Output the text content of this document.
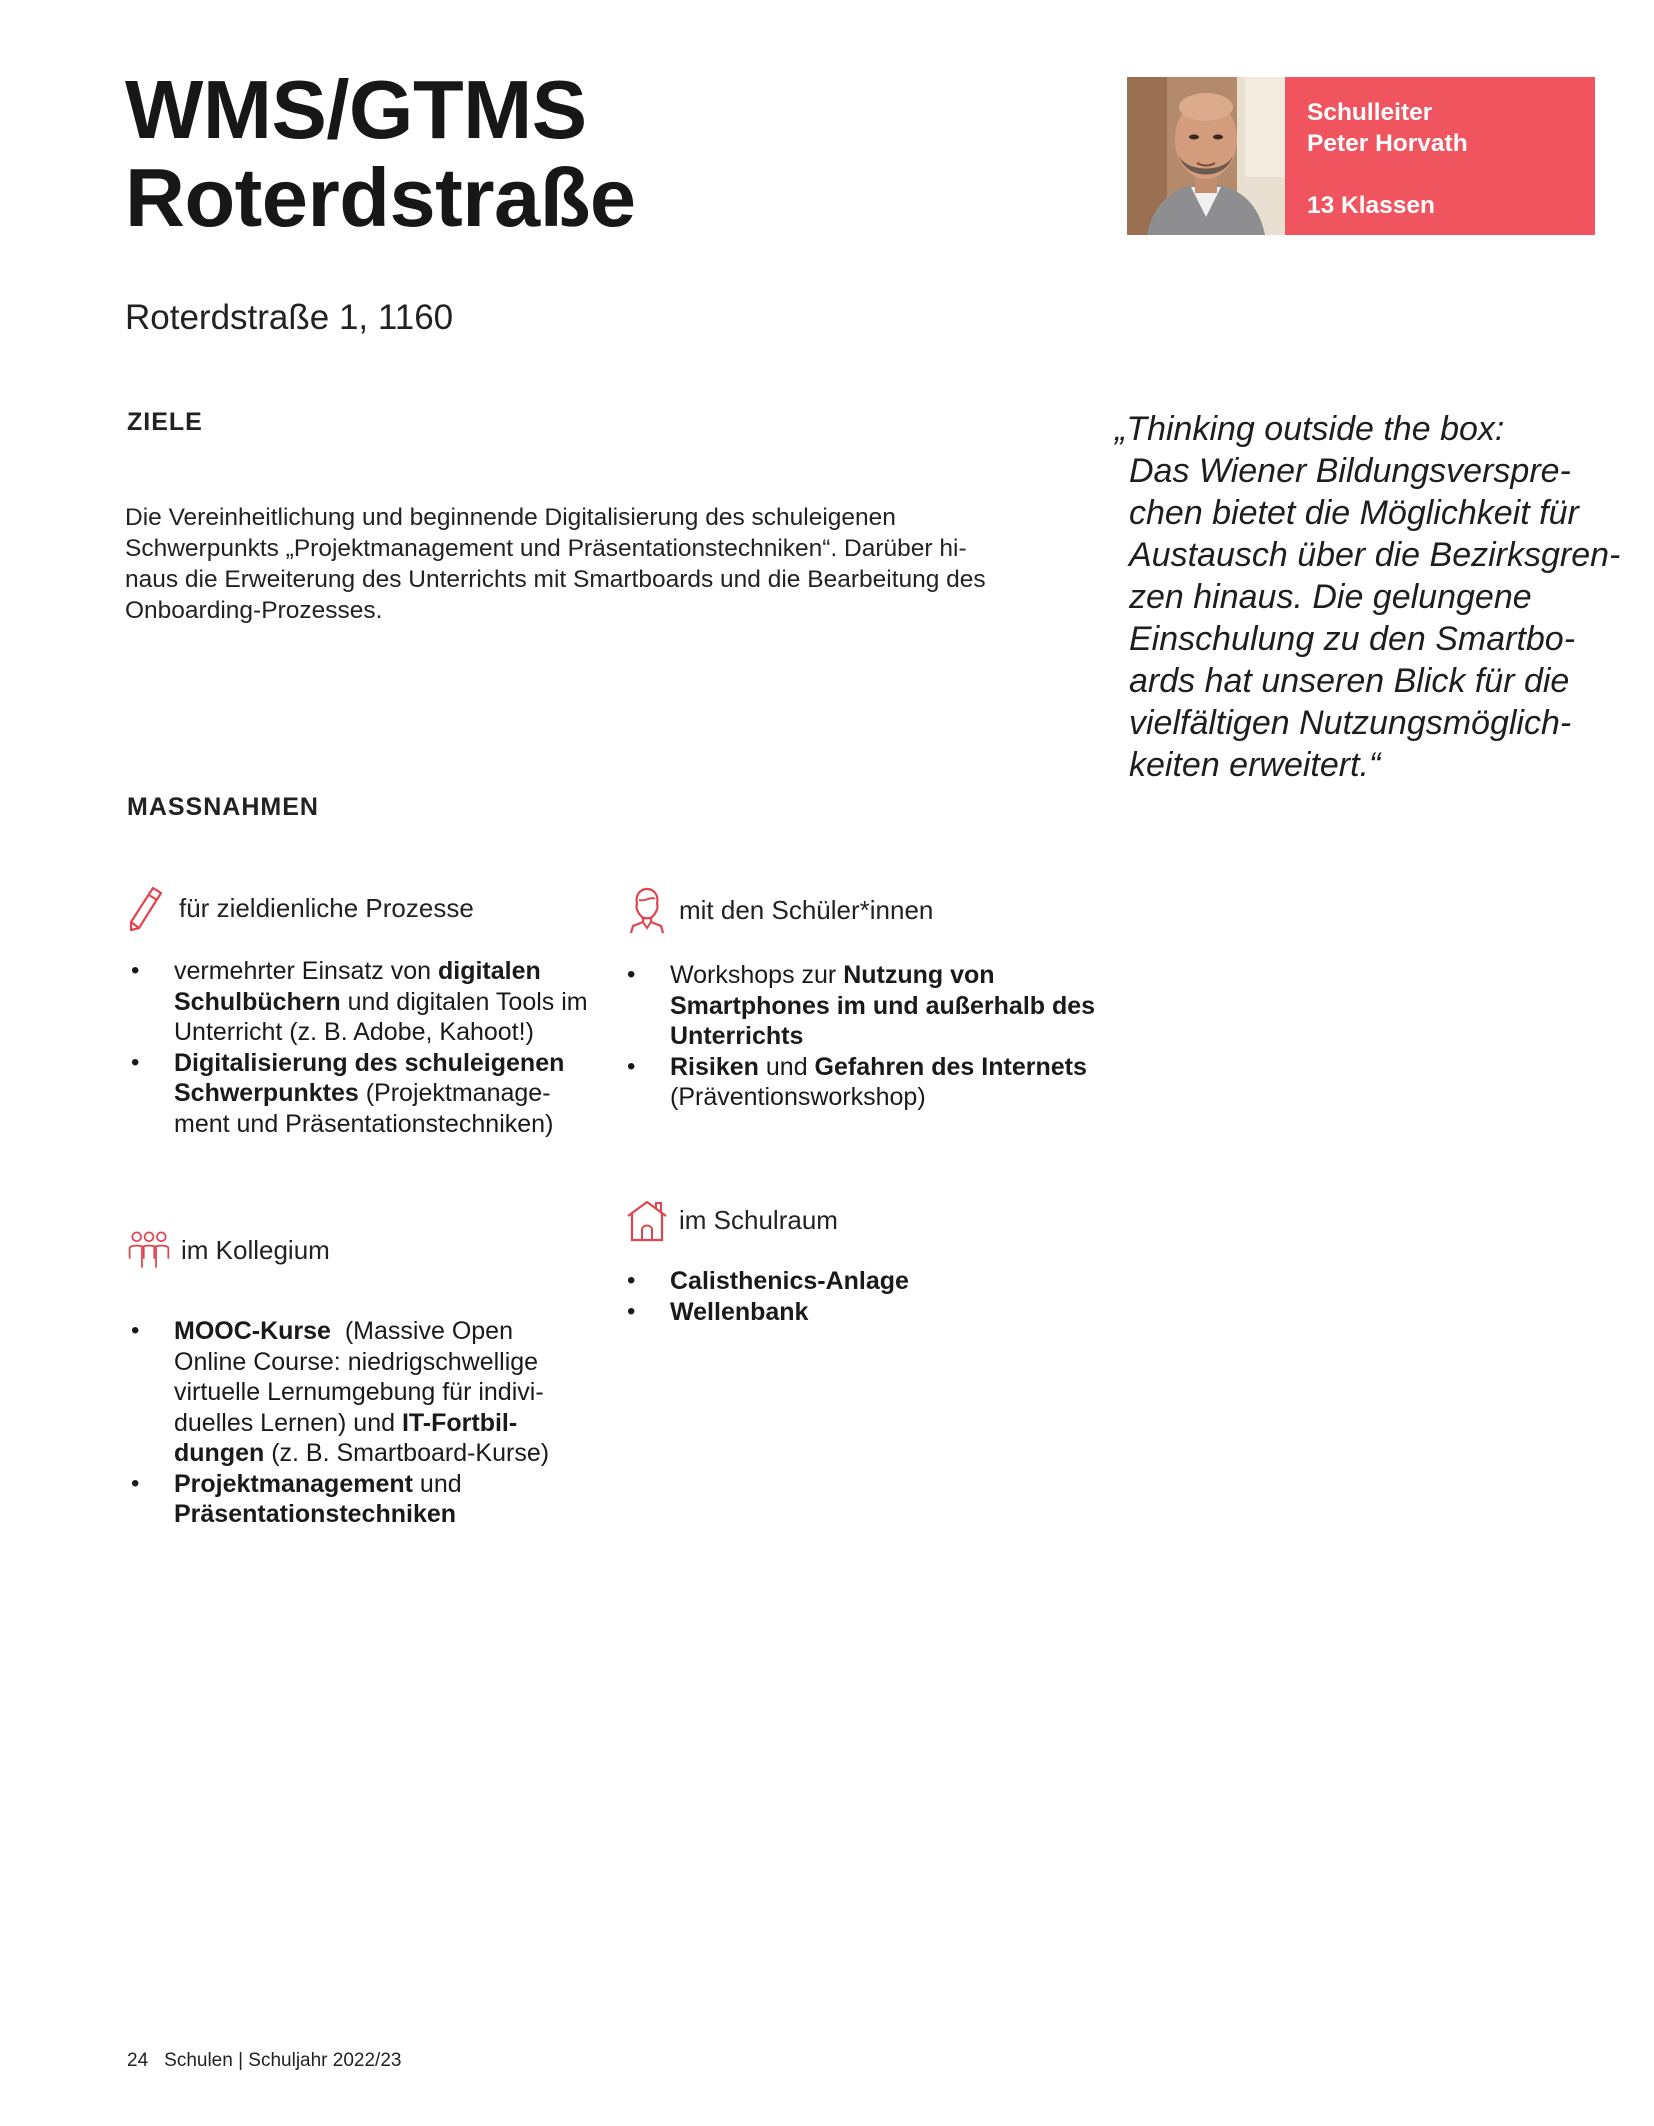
WMS/GTMS
Roterdstraße
Roterdstraße 1, 1160
Schulleiter
Peter Horvath
13 Klassen
ZIELE
Die Vereinheitlichung und beginnende Digitalisierung des schuleigenen
Schwerpunkts „Projektmanagement und Präsentationstechniken“. Darüber hi-
naus die Erweiterung des Unterrichts mit Smartboards und die Bearbeitung des
Onboarding-Prozesses.
„Thinking outside the box:
Das Wiener Bildungsverspre-
chen bietet die Möglichkeit für
Austausch über die Bezirksgren-
zen hinaus. Die gelungene
Einschulung zu den Smartbo-
ards hat unseren Blick für die
vielfältigen Nutzungsmöglich-
keiten erweitert.“
MASSNAHMEN
für zieldienliche Prozesse
• vermehrter Einsatz von digitalen
Schulbüchern und digitalen Tools im
Unterricht (z. B. Adobe, Kahoot!)
• Digitalisierung des schuleigenen
Schwerpunktes (Projektmanage-
ment und Präsentationstechniken)
mit den Schüler*innen
• Workshops zur Nutzung von
Smartphones im und außerhalb des
Unterrichts
• Risiken und Gefahren des Internets
(Präventionsworkshop)
im Kollegium
• MOOC-Kurse  (Massive Open
Online Course: niedrigschwellige
virtuelle Lernumgebung für indivi-
duelles Lernen) und IT-Fortbil-
dungen (z. B. Smartboard-Kurse)
• Projektmanagement und
Präsentationstechniken
im Schulraum
• Calisthenics-Anlage
• Wellenbank
24 Schulen | Schuljahr 2022/23
